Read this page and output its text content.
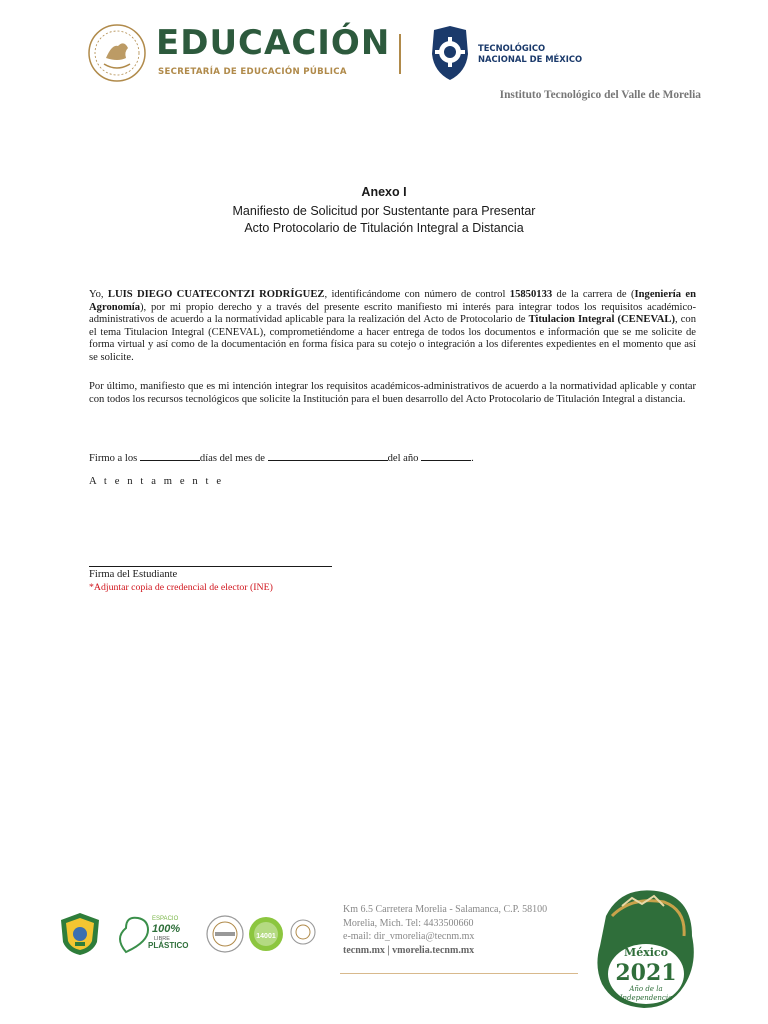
EDUCACIÓN
SECRETARÍA DE EDUCACIÓN PÚBLICA
TECNOLÓGICO
NACIONAL DE MÉXICO
Instituto Tecnológico del Valle de Morelia
Anexo I
Manifiesto de Solicitud por Sustentante para Presentar
Acto Protocolario de Titulación Integral a Distancia
Yo, LUIS DIEGO CUATECONTZI RODRÍGUEZ, identificándome con número de control 15850133 de la carrera de (Ingeniería en Agronomía), por mi propio derecho y a través del presente escrito manifiesto mi interés para integrar todos los requisitos académico-administrativos de acuerdo a la normatividad aplicable para la realización del Acto de Protocolario de Titulacion Integral (CENEVAL), con el tema Titulacion Integral (CENEVAL), comprometiéndome a hacer entrega de todos los documentos e información que se me solicite de forma virtual y así como de la documentación en forma física para su cotejo o integración a los diferentes expedientes en el momento que así se solicite.
Por último, manifiesto que es mi intención integrar los requisitos académicos-administrativos de acuerdo a la normatividad aplicable y contar con todos los recursos tecnológicos que solicite la Institución para el buen desarrollo del Acto Protocolario de Titulación Integral a distancia.
Firmo a los	días del mes de	del año	.
A t e n t a m e n t e
Firma del Estudiante
*Adjuntar copia de credencial de elector (INE)
ESPACIO
100%
LIBRE
PLÁSTICO
14001
Km 6.5 Carretera Morelia - Salamanca, C.P. 58100
Morelia, Mich. Tel: 4433500660
e-mail: dir_vmorelia@tecnm.mx
tecnm.mx | vmorelia.tecnm.mx	México
2021
Año de la
Independencia
